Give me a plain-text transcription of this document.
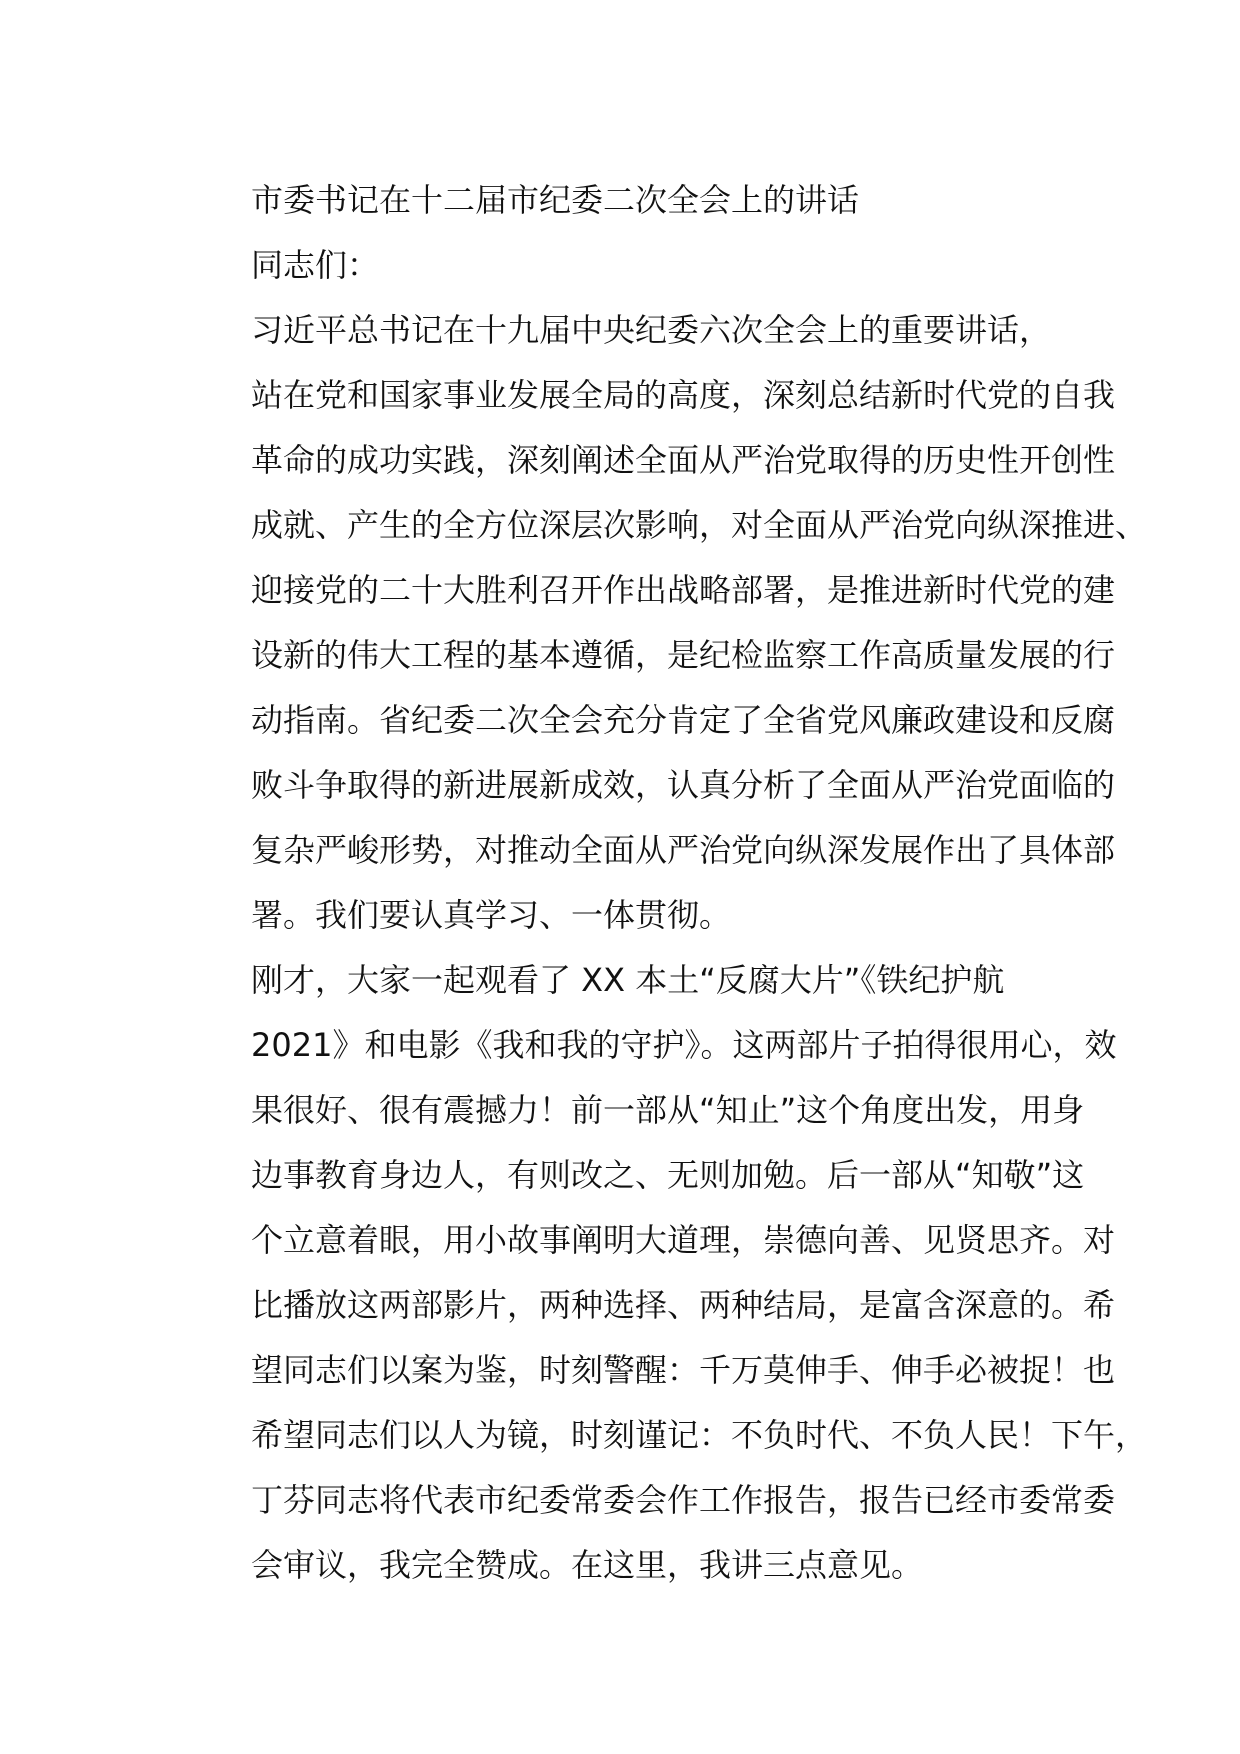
市委书记在十二届市纪委二次全会上的讲话

同志们：

习近平总书记在十九届中央纪委六次全会上的重要讲话，
站在党和国家事业发展全局的高度，深刻总结新时代党的自我
革命的成功实践，深刻阐述全面从严治党取得的历史性开创性
成就、产生的全方位深层次影响，对全面从严治党向纵深推进、
迎接党的二十大胜利召开作出战略部署，是推进新时代党的建
设新的伟大工程的基本遵循，是纪检监察工作高质量发展的行
动指南。省纪委二次全会充分肯定了全省党风廉政建设和反腐
败斗争取得的新进展新成效，认真分析了全面从严治党面临的
复杂严峻形势，对推动全面从严治党向纵深发展作出了具体部
署。我们要认真学习、一体贯彻。

刚才，大家一起观看了 XX 本土“反腐大片”《铁纪护航
2021》和电影《我和我的守护》。这两部片子拍得很用心，效
果很好、很有震撼力！前一部从“知止”这个角度出发，用身
边事教育身边人，有则改之、无则加勉。后一部从“知敬”这
个立意着眼，用小故事阐明大道理，崇德向善、见贤思齐。对
比播放这两部影片，两种选择、两种结局，是富含深意的。希
望同志们以案为鉴，时刻警醒：千万莫伸手、伸手必被捉！也
希望同志们以人为镜，时刻谨记：不负时代、不负人民！下午，
丁芬同志将代表市纪委常委会作工作报告，报告已经市委常委
会审议，我完全赞成。在这里，我讲三点意见。
